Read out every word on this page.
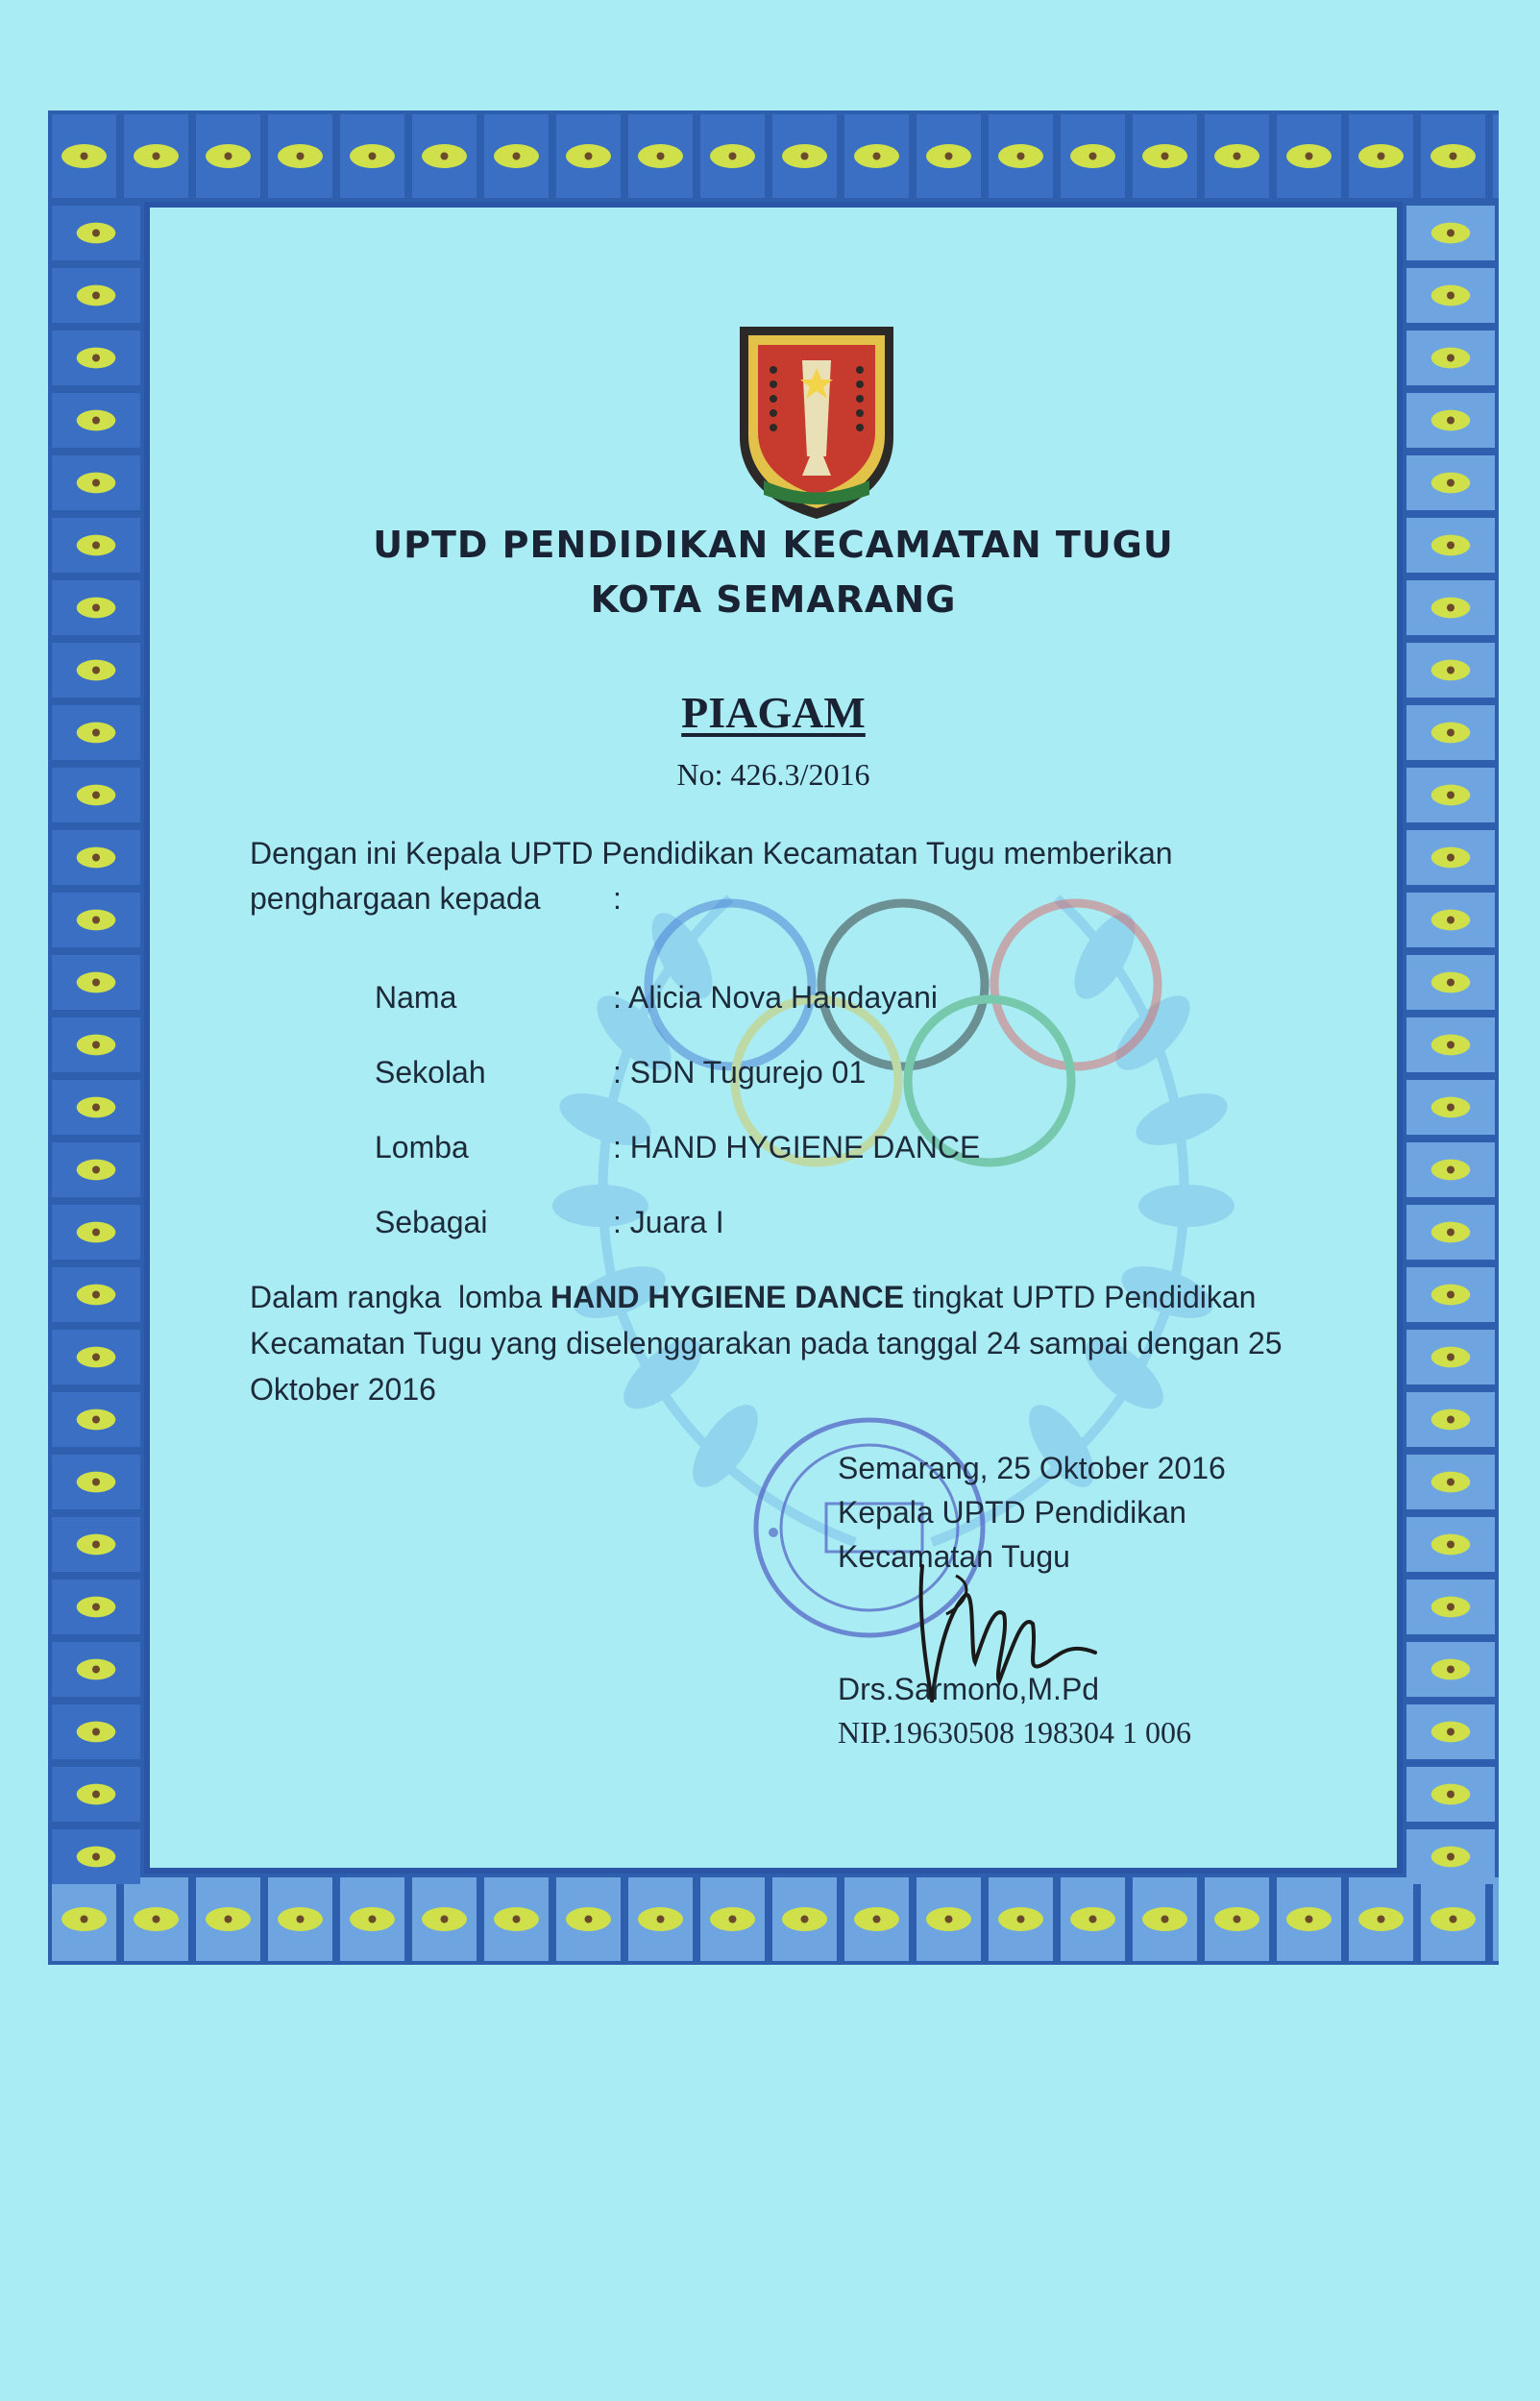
UPTD PENDIDIKAN KECAMATAN TUGU
KOTA SEMARANG
PIAGAM
No: 426.3/2016
Dengan ini Kepala UPTD Pendidikan Kecamatan Tugu memberikan
penghargaan kepada :
Nama	: Alicia Nova Handayani
Sekolah	: SDN Tugurejo 01
Lomba	: HAND HYGIENE DANCE
Sebagai	: Juara I
Dalam rangka  lomba HAND HYGIENE DANCE tingkat UPTD Pendidikan
Kecamatan Tugu yang diselenggarakan pada tanggal 24 sampai dengan 25
Oktober 2016
Semarang, 25 Oktober 2016
Kepala UPTD Pendidikan
Kecamatan Tugu
Drs.Sarmono,M.Pd
NIP.19630508 198304 1 006
